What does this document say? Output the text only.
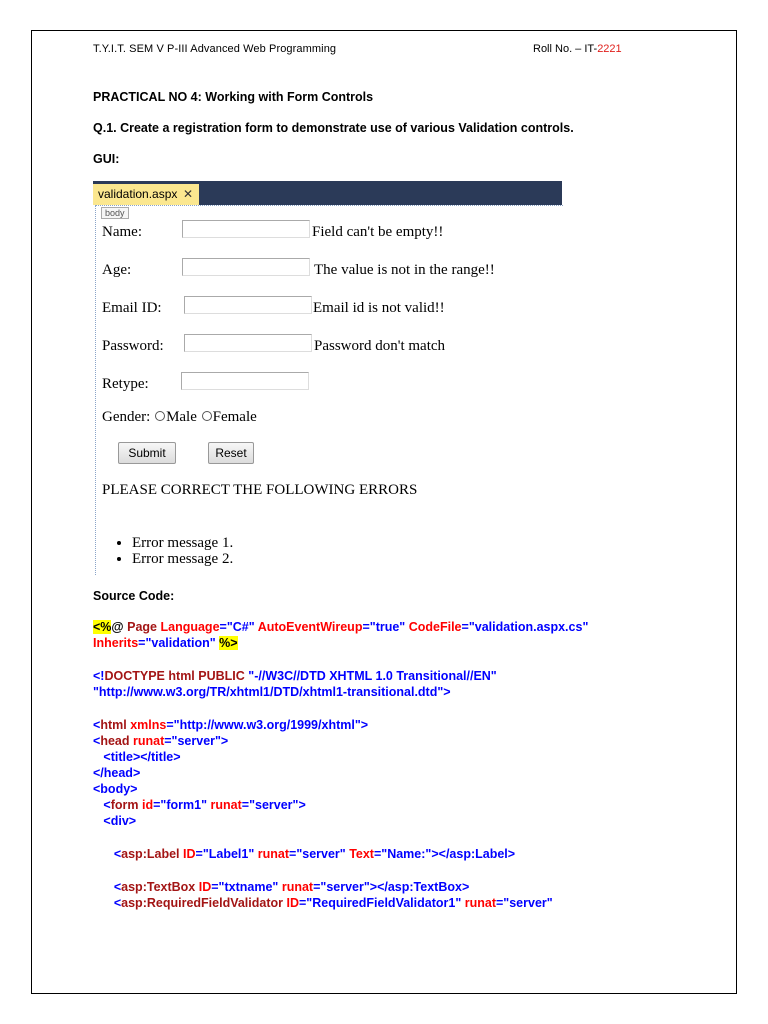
T.Y.I.T. SEM V P-III Advanced Web Programming	Roll No. – IT-2221
PRACTICAL NO 4: Working with Form Controls
Q.1. Create a registration form to demonstrate use of various Validation controls.
GUI:
validation.aspx ✕
body
Name:	Field can't be empty!!
Age:	The value is not in the range!!
Email ID:	Email id is not valid!!
Password:	Password don't match
Retype:
Gender: Male Female
Submit	Reset
PLEASE CORRECT THE FOLLOWING ERRORS
• Error message 1.
• Error message 2.
Source Code:
<%@ Page Language="C#" AutoEventWireup="true" CodeFile="validation.aspx.cs"
Inherits="validation" %>
<!DOCTYPE html PUBLIC "-//W3C//DTD XHTML 1.0 Transitional//EN"
"http://www.w3.org/TR/xhtml1/DTD/xhtml1-transitional.dtd">
<html xmlns="http://www.w3.org/1999/xhtml">
<head runat="server">
<title></title>
</head>
<body>
<form id="form1" runat="server">
<div>
<asp:Label ID="Label1" runat="server" Text="Name:"></asp:Label>
<asp:TextBox ID="txtname" runat="server"></asp:TextBox>
<asp:RequiredFieldValidator ID="RequiredFieldValidator1" runat="server"
